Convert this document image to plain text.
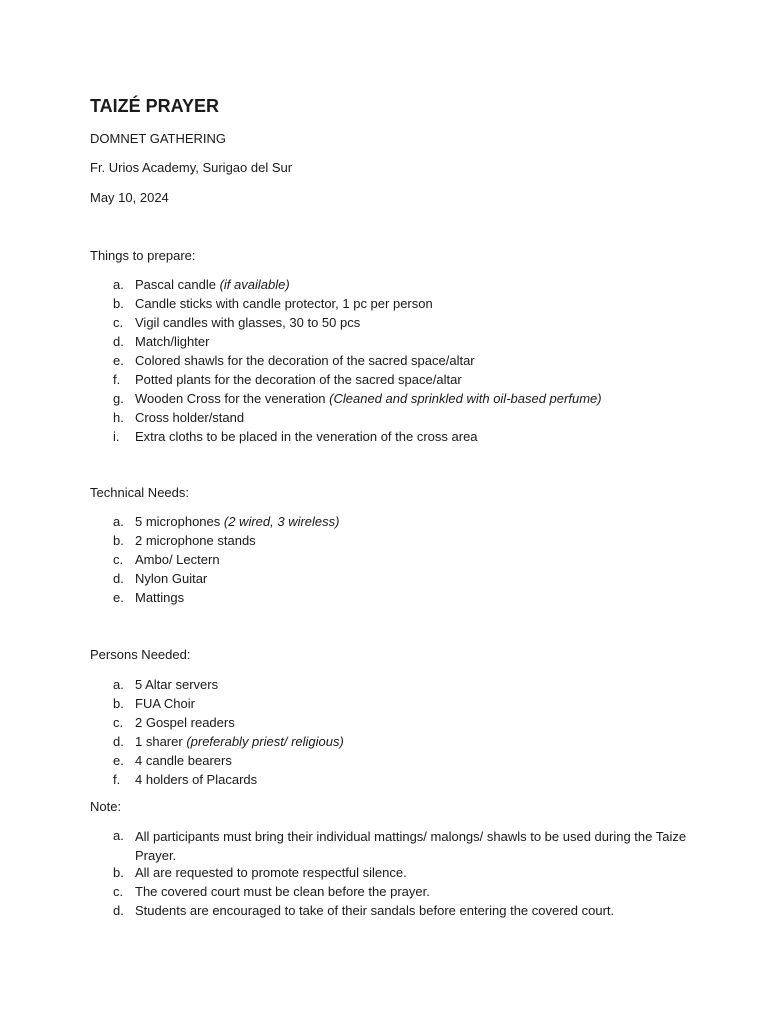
TAIZÉ PRAYER

DOMNET GATHERING

Fr. Urios Academy, Surigao del Sur

May 10, 2024

Things to prepare:

a. Pascal candle (if available)
b. Candle sticks with candle protector, 1 pc per person
c. Vigil candles with glasses, 30 to 50 pcs
d. Match/lighter
e. Colored shawls for the decoration of the sacred space/altar
f. Potted plants for the decoration of the sacred space/altar
g. Wooden Cross for the veneration (Cleaned and sprinkled with oil-based perfume)
h. Cross holder/stand
i. Extra cloths to be placed in the veneration of the cross area

Technical Needs:

a. 5 microphones (2 wired, 3 wireless)
b. 2 microphone stands
c. Ambo/ Lectern
d. Nylon Guitar
e. Mattings

Persons Needed:

a. 5 Altar servers
b. FUA Choir
c. 2 Gospel readers
d. 1 sharer (preferably priest/ religious)
e. 4 candle bearers
f. 4 holders of Placards

Note:

a. All participants must bring their individual mattings/ malongs/ shawls to be used during the Taize Prayer.
b. All are requested to promote respectful silence.
c. The covered court must be clean before the prayer.
d. Students are encouraged to take of their sandals before entering the covered court.
